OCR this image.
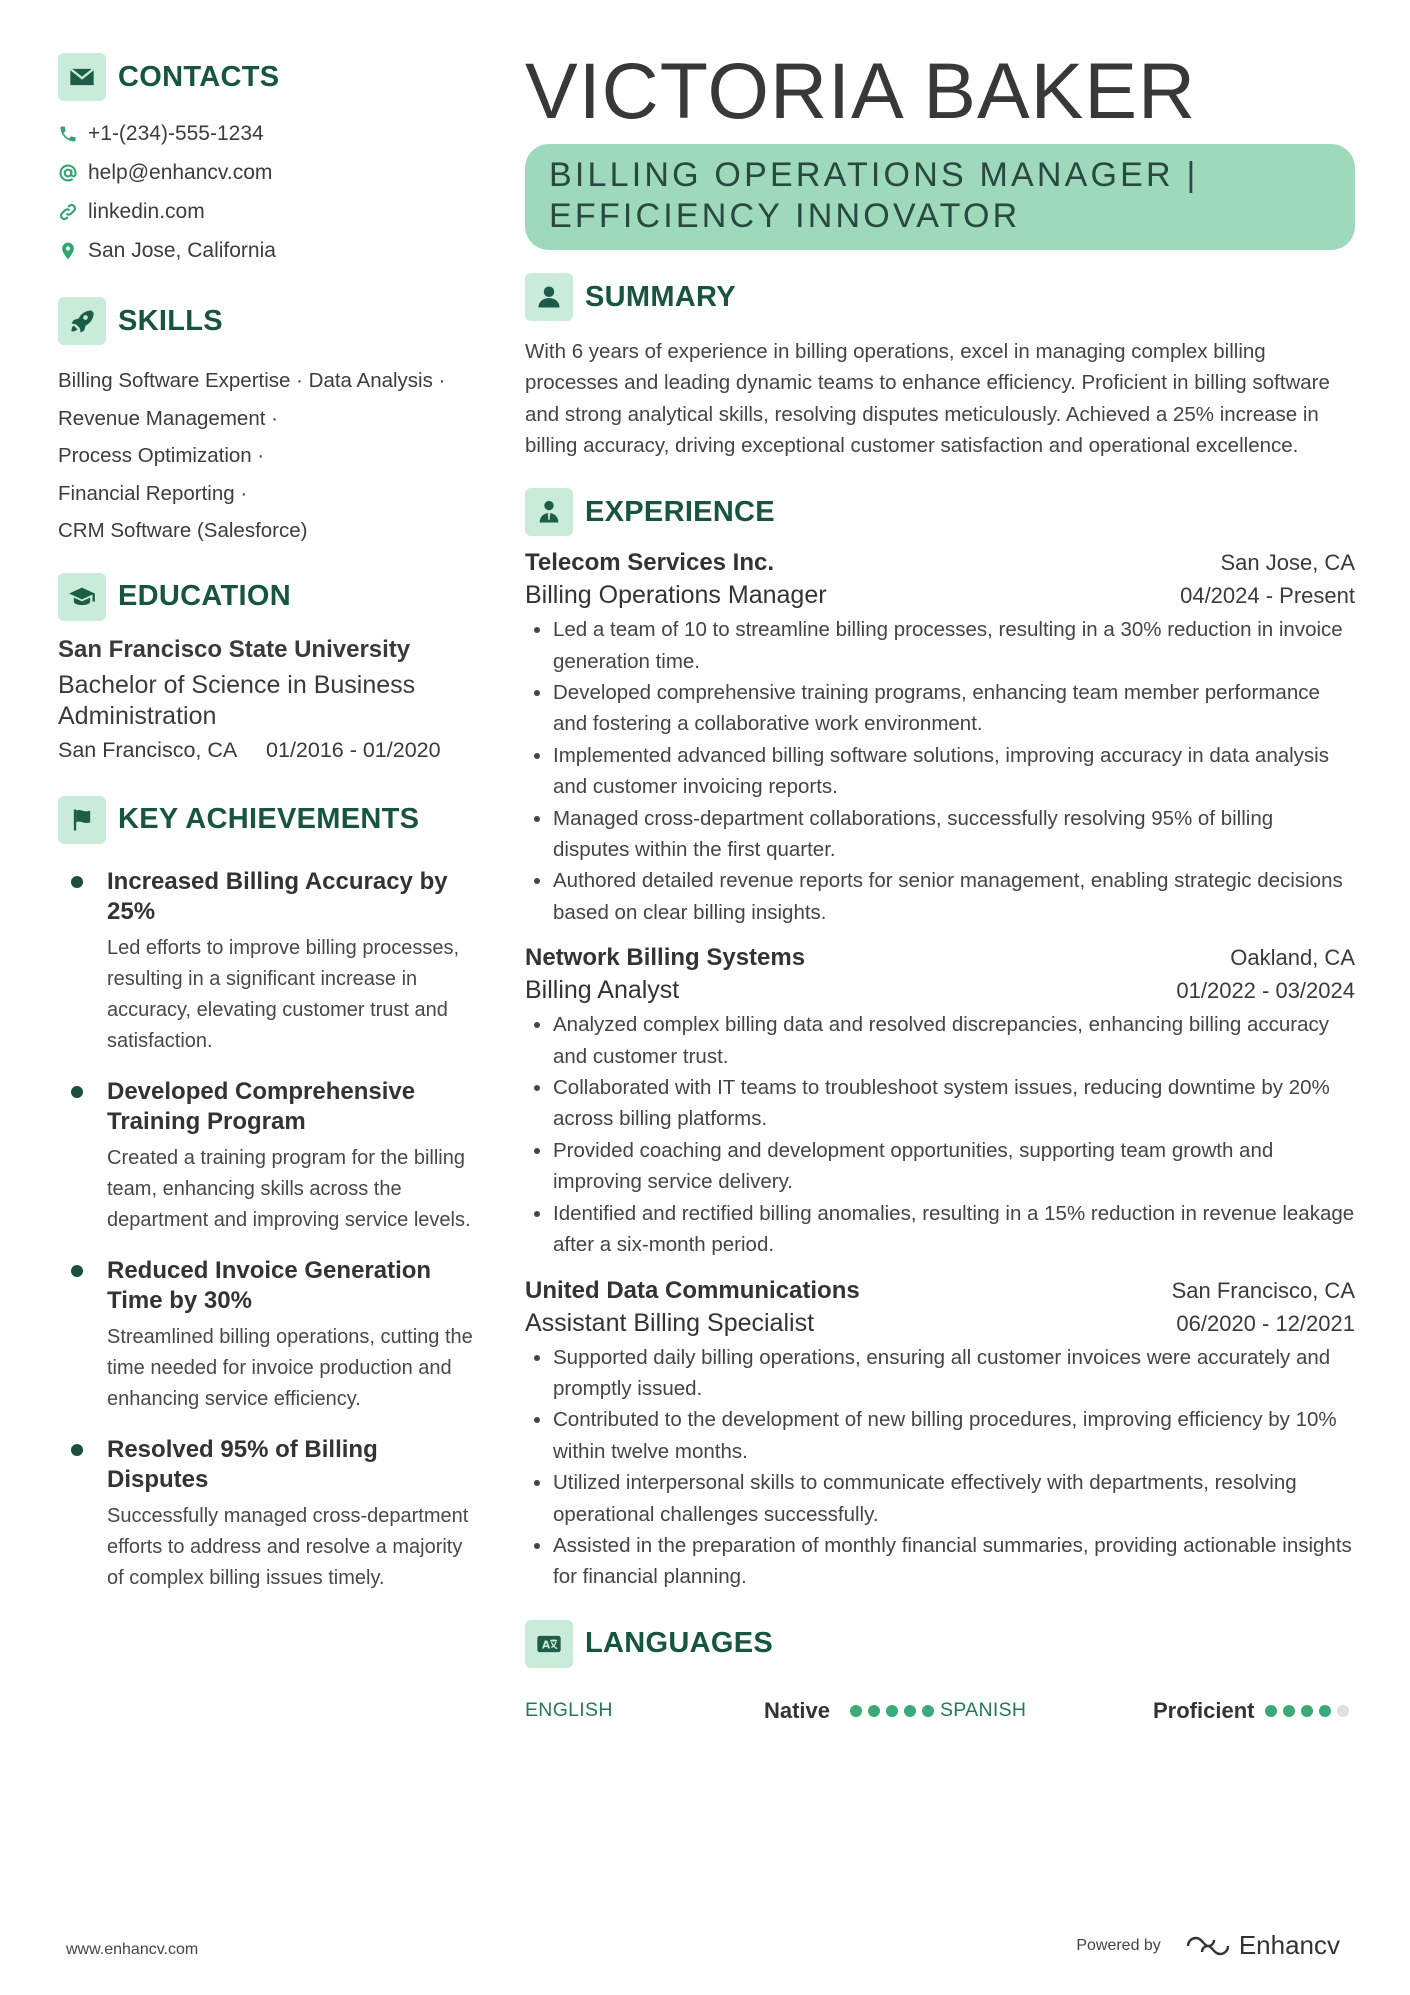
CONTACTS
+1-(234)-555-1234
help@enhancv.com
linkedin.com
San Jose, California
SKILLS
Billing Software Expertise · Data Analysis ·
Revenue Management ·
Process Optimization ·
Financial Reporting ·
CRM Software (Salesforce)
EDUCATION
San Francisco State University
Bachelor of Science in Business Administration
San Francisco, CA 01/2016 - 01/2020
KEY ACHIEVEMENTS
Increased Billing Accuracy by 25%
Led efforts to improve billing processes, resulting in a significant increase in accuracy, elevating customer trust and satisfaction.
Developed Comprehensive Training Program
Created a training program for the billing team, enhancing skills across the department and improving service levels.
Reduced Invoice Generation Time by 30%
Streamlined billing operations, cutting the time needed for invoice production and enhancing service efficiency.
Resolved 95% of Billing Disputes
Successfully managed cross-department efforts to address and resolve a majority of complex billing issues timely.
VICTORIA BAKER
BILLING OPERATIONS MANAGER | EFFICIENCY INNOVATOR
SUMMARY
With 6 years of experience in billing operations, excel in managing complex billing processes and leading dynamic teams to enhance efficiency. Proficient in billing software and strong analytical skills, resolving disputes meticulously. Achieved a 25% increase in billing accuracy, driving exceptional customer satisfaction and operational excellence.
EXPERIENCE
Telecom Services Inc.	San Jose, CA
Billing Operations Manager	04/2024 - Present
• Led a team of 10 to streamline billing processes, resulting in a 30% reduction in invoice generation time.
• Developed comprehensive training programs, enhancing team member performance and fostering a collaborative work environment.
• Implemented advanced billing software solutions, improving accuracy in data analysis and customer invoicing reports.
• Managed cross-department collaborations, successfully resolving 95% of billing disputes within the first quarter.
• Authored detailed revenue reports for senior management, enabling strategic decisions based on clear billing insights.
Network Billing Systems	Oakland, CA
Billing Analyst	01/2022 - 03/2024
• Analyzed complex billing data and resolved discrepancies, enhancing billing accuracy and customer trust.
• Collaborated with IT teams to troubleshoot system issues, reducing downtime by 20% across billing platforms.
• Provided coaching and development opportunities, supporting team growth and improving service delivery.
• Identified and rectified billing anomalies, resulting in a 15% reduction in revenue leakage after a six-month period.
United Data Communications	San Francisco, CA
Assistant Billing Specialist	06/2020 - 12/2021
• Supported daily billing operations, ensuring all customer invoices were accurately and promptly issued.
• Contributed to the development of new billing procedures, improving efficiency by 10% within twelve months.
• Utilized interpersonal skills to communicate effectively with departments, resolving operational challenges successfully.
• Assisted in the preparation of monthly financial summaries, providing actionable insights for financial planning.
A LANGUAGES
ENGLISH	Native	SPANISH	Proficient
www.enhancv.com	Powered by	Enhancv
